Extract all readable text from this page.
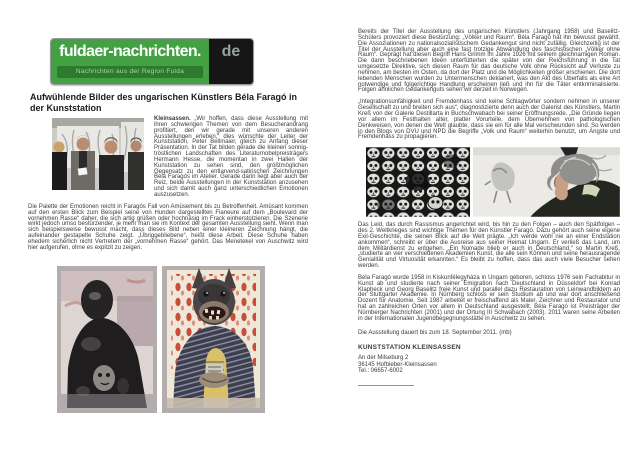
fuldaer-nachrichten.
Nachrichten aus der Region Fulda
de
Aufwühlende Bilder des ungarischen Künstlers Béla Faragó in der Kunststation

Kleinsassen. „Wir hoffen, dass diese Ausstellung mit ihren schwierigen Themen von dem Besucherandrang profitiert, den wir gerade mit unseren anderen Ausstellungen erleben,“ dies wünschte der Leiter der Kunststation, Peter Bellmaier, gleich zu Anfang dieser Präsentation. In der Tat bilden gerade die kleinen sonnig-tröstlichen Landschaften des Literaturnobelpreisträgers Hermann Hesse, die momentan in zwei Hallen der Kunststation zu sehen sind, den größtmöglichen Gegensatz zu den entlarvend-satirischen Zeichnungen Béla Faragós im Atelier. Gerade darin liegt aber auch der Reiz, beide Ausstellungen in der Kunststation anzusehen und sich damit auch ganz unterschiedlichen Emotionen auszusetzen.

Die Palette der Emotionen reicht in Faragós Fall von Amüsement bis zu Betroffenheit. Amüsant kommen auf den ersten Blick zum Beispiel seine von Hunden dargestellten Flaneure auf dem „Boulevard der vornehmen Rasse“ daher, die sich artig grüßen oder hochnäsig im Frack einherstolzieren. Die Szenerie wirkt jedoch umso bestürzender, je mehr man sie im Kontext der gesamten Ausstellung sieht. Wenn man sich beispielsweise bewusst macht, dass dieses Bild neben einer kleineren Zeichnung hängt, die aufeinander gestapelte Schuhe zeigt. „Übriggebliebene“, heißt diese Arbeit. Diese Schuhe haben ehedem sicherlich nicht Vertretern der „vornehmen Rasse“ gehört. Das Menetekel von Auschwitz wird hier aufgerufen, ohne es explizit zu zeigen.

Bereits der Titel der Ausstellung des ungarischen Künstlers (Jahrgang 1958) und Baselitz-Schülers provoziert diese Bestürzung: „Völker und Raum“. Béla Faragó hat ihn bewusst gewählt. Die Assoziationen zu nationalsozialistischem Gedankengut sind nicht zufällig. Gleichzeitig ist der Titel der Ausstellung aber auch eine fast trotzige Abwandlung des faschistischen „Völker ohne Raum“. Geprägt hat diesen Begriff Hans Grimm im Jahre 1926 mit seinem gleichnamigen Roman. Die dann beschriebenen Ideen unterfütterten die später von der Reichsführung in die Tat umgesetzte Direktive, sich diesen Raum für das deutsche Volk ohne Rücksicht auf Verluste zu nehmen, am besten im Osten, da dort der Platz und die Möglichkeiten größer erschienen. Die dort lebenden Menschen wurden zu Untermenschen deklariert, was den Akt des Überfalls als eine Art notwendige und folgerichtige Handlung erscheinen ließ und ihn für die Täter entkriminalisierte. Folgen ähnlichen Gedankenguts sehen wir derzeit in Norwegen.

„Integrationsunfähigkeit und Fremdenhass sind keine Schlagwörter sondern nehmen in unserer Gesellschaft zu und breiten sich aus“, diagnostizierte denn auch der Galerist des Künstlers, Martin Kreß von der Galerie Destillarta in Buchschwabach bei seiner Eröffnungsrede. „Die Gründe liegen vor allem im Festhalten alter, platter Vorurteile, dem Übernehmen von pathologischen Denkweisen, von denen die Welt glaubte, dass sie ein für alle Mal verschwunden sind. So werden in den Blogs von DVU und NPD die Begriffe „Volk und Raum“ weiterhin benutzt, um Ängste und Fremdenhass zu propagieren.

Das Leid, das durch Rassismus angerichtet wird, bis hin zu den Folgen – auch den Spätfolgen – des 2. Weltkrieges sind wichtige Themen für den Künstler Faragó. Dazu gehört auch seine eigene Exil-Geschichte, die seinen Blick auf die Welt prägte. „Ich werde wohl nie an einer Endstation ankommen“, schreibt er über die Ausreise aus seiner Heimat Ungarn. Er verließ das Land, um dem Militärdienst zu entgehen. „Ein Nomade blieb er auch in Deutschland,“ so Martin Kreß, „studierte an vier verschiedenen Akademien Kunst, die alle sein Können und seine herausragende Genialität und Virtuosität erkannten.“ Es bleibt zu hoffen, dass das auch viele Besucher sehen werden.

Béla Faragó wurde 1958 in Kiskunfélegyháza in Ungarn geboren, schloss 1976 sein Fachabitur in Kunst ab und studierte nach seiner Emigration nach Deutschland in Düsseldorf bei Konrad Klapheck und Georg Baselitz freie Kunst und parallel dazu Restauration von Leinwandbildern an der Stuttgarter Akademie. In Nürnberg schloss er sein Studium ab und war dort anschließend Dozent für Anatomie. Seit 1987 arbeitet er freischaffend als Maler, Zeichner und Restaurator und hat an zahlreichen Orten vor allem in Deutschland ausgestellt. Béla Faragó ist Preisträger der Nürnberger Nachrichten (2001) und der Ortung III Schwabach (2003). 2011 waren seine Arbeiten in der Internationalen Jugendbegegnungsstätte in Auschwitz zu sehen.

Die Ausstellung dauert bis zum 18. September 2011. (mb)

KUNSTSTATION KLEINSASSEN

An der Milseburg 2

36145 Hofbieber-Kleinsassen

Tel.: 06657-6002
